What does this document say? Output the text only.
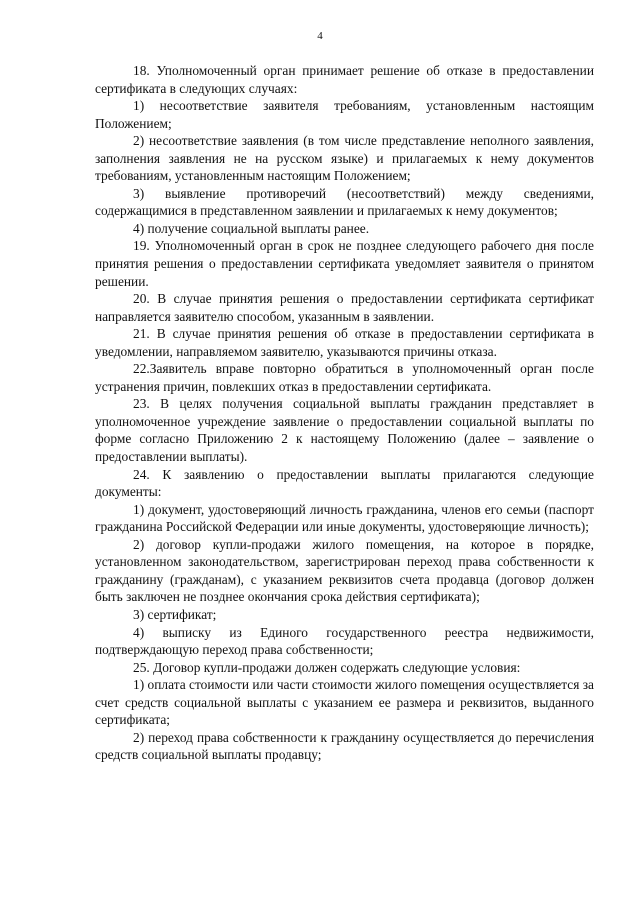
4

18. Уполномоченный орган принимает решение об отказе в предоставлении сертификата в следующих случаях:

1) несоответствие заявителя требованиям, установленным настоящим Положением;

2) несоответствие заявления (в том числе представление неполного заявления, заполнения заявления не на русском языке) и прилагаемых к нему документов требованиям, установленным настоящим Положением;

3) выявление противоречий (несоответствий) между сведениями, содержащимися в представленном заявлении и прилагаемых к нему документов;

4) получение социальной выплаты ранее.

19. Уполномоченный орган в срок не позднее следующего рабочего дня после принятия решения о предоставлении сертификата уведомляет заявителя о принятом решении.

20. В случае принятия решения о предоставлении сертификата сертификат направляется заявителю способом, указанным в заявлении.

21. В случае принятия решения об отказе в предоставлении сертификата в уведомлении, направляемом заявителю, указываются причины отказа.

22.Заявитель вправе повторно обратиться в уполномоченный орган после устранения причин, повлекших отказ в предоставлении сертификата.

23. В целях получения социальной выплаты гражданин представляет в уполномоченное учреждение заявление о предоставлении социальной выплаты по форме согласно Приложению 2 к настоящему Положению (далее – заявление о предоставлении выплаты).

24. К заявлению о предоставлении выплаты прилагаются следующие документы:

1) документ, удостоверяющий личность гражданина, членов его семьи (паспорт гражданина Российской Федерации или иные документы, удостоверяющие личность);

2) договор купли-продажи жилого помещения, на которое в порядке, установленном законодательством, зарегистрирован переход права собственности к гражданину (гражданам), с указанием реквизитов счета продавца (договор должен быть заключен не позднее окончания срока действия сертификата);

3) сертификат;

4) выписку из Единого государственного реестра недвижимости, подтверждающую переход права собственности;

25. Договор купли-продажи должен содержать следующие условия:

1) оплата стоимости или части стоимости жилого помещения осуществляется за счет средств социальной выплаты с указанием ее размера и реквизитов, выданного сертификата;

2) переход права собственности к гражданину осуществляется до перечисления средств социальной выплаты продавцу;
